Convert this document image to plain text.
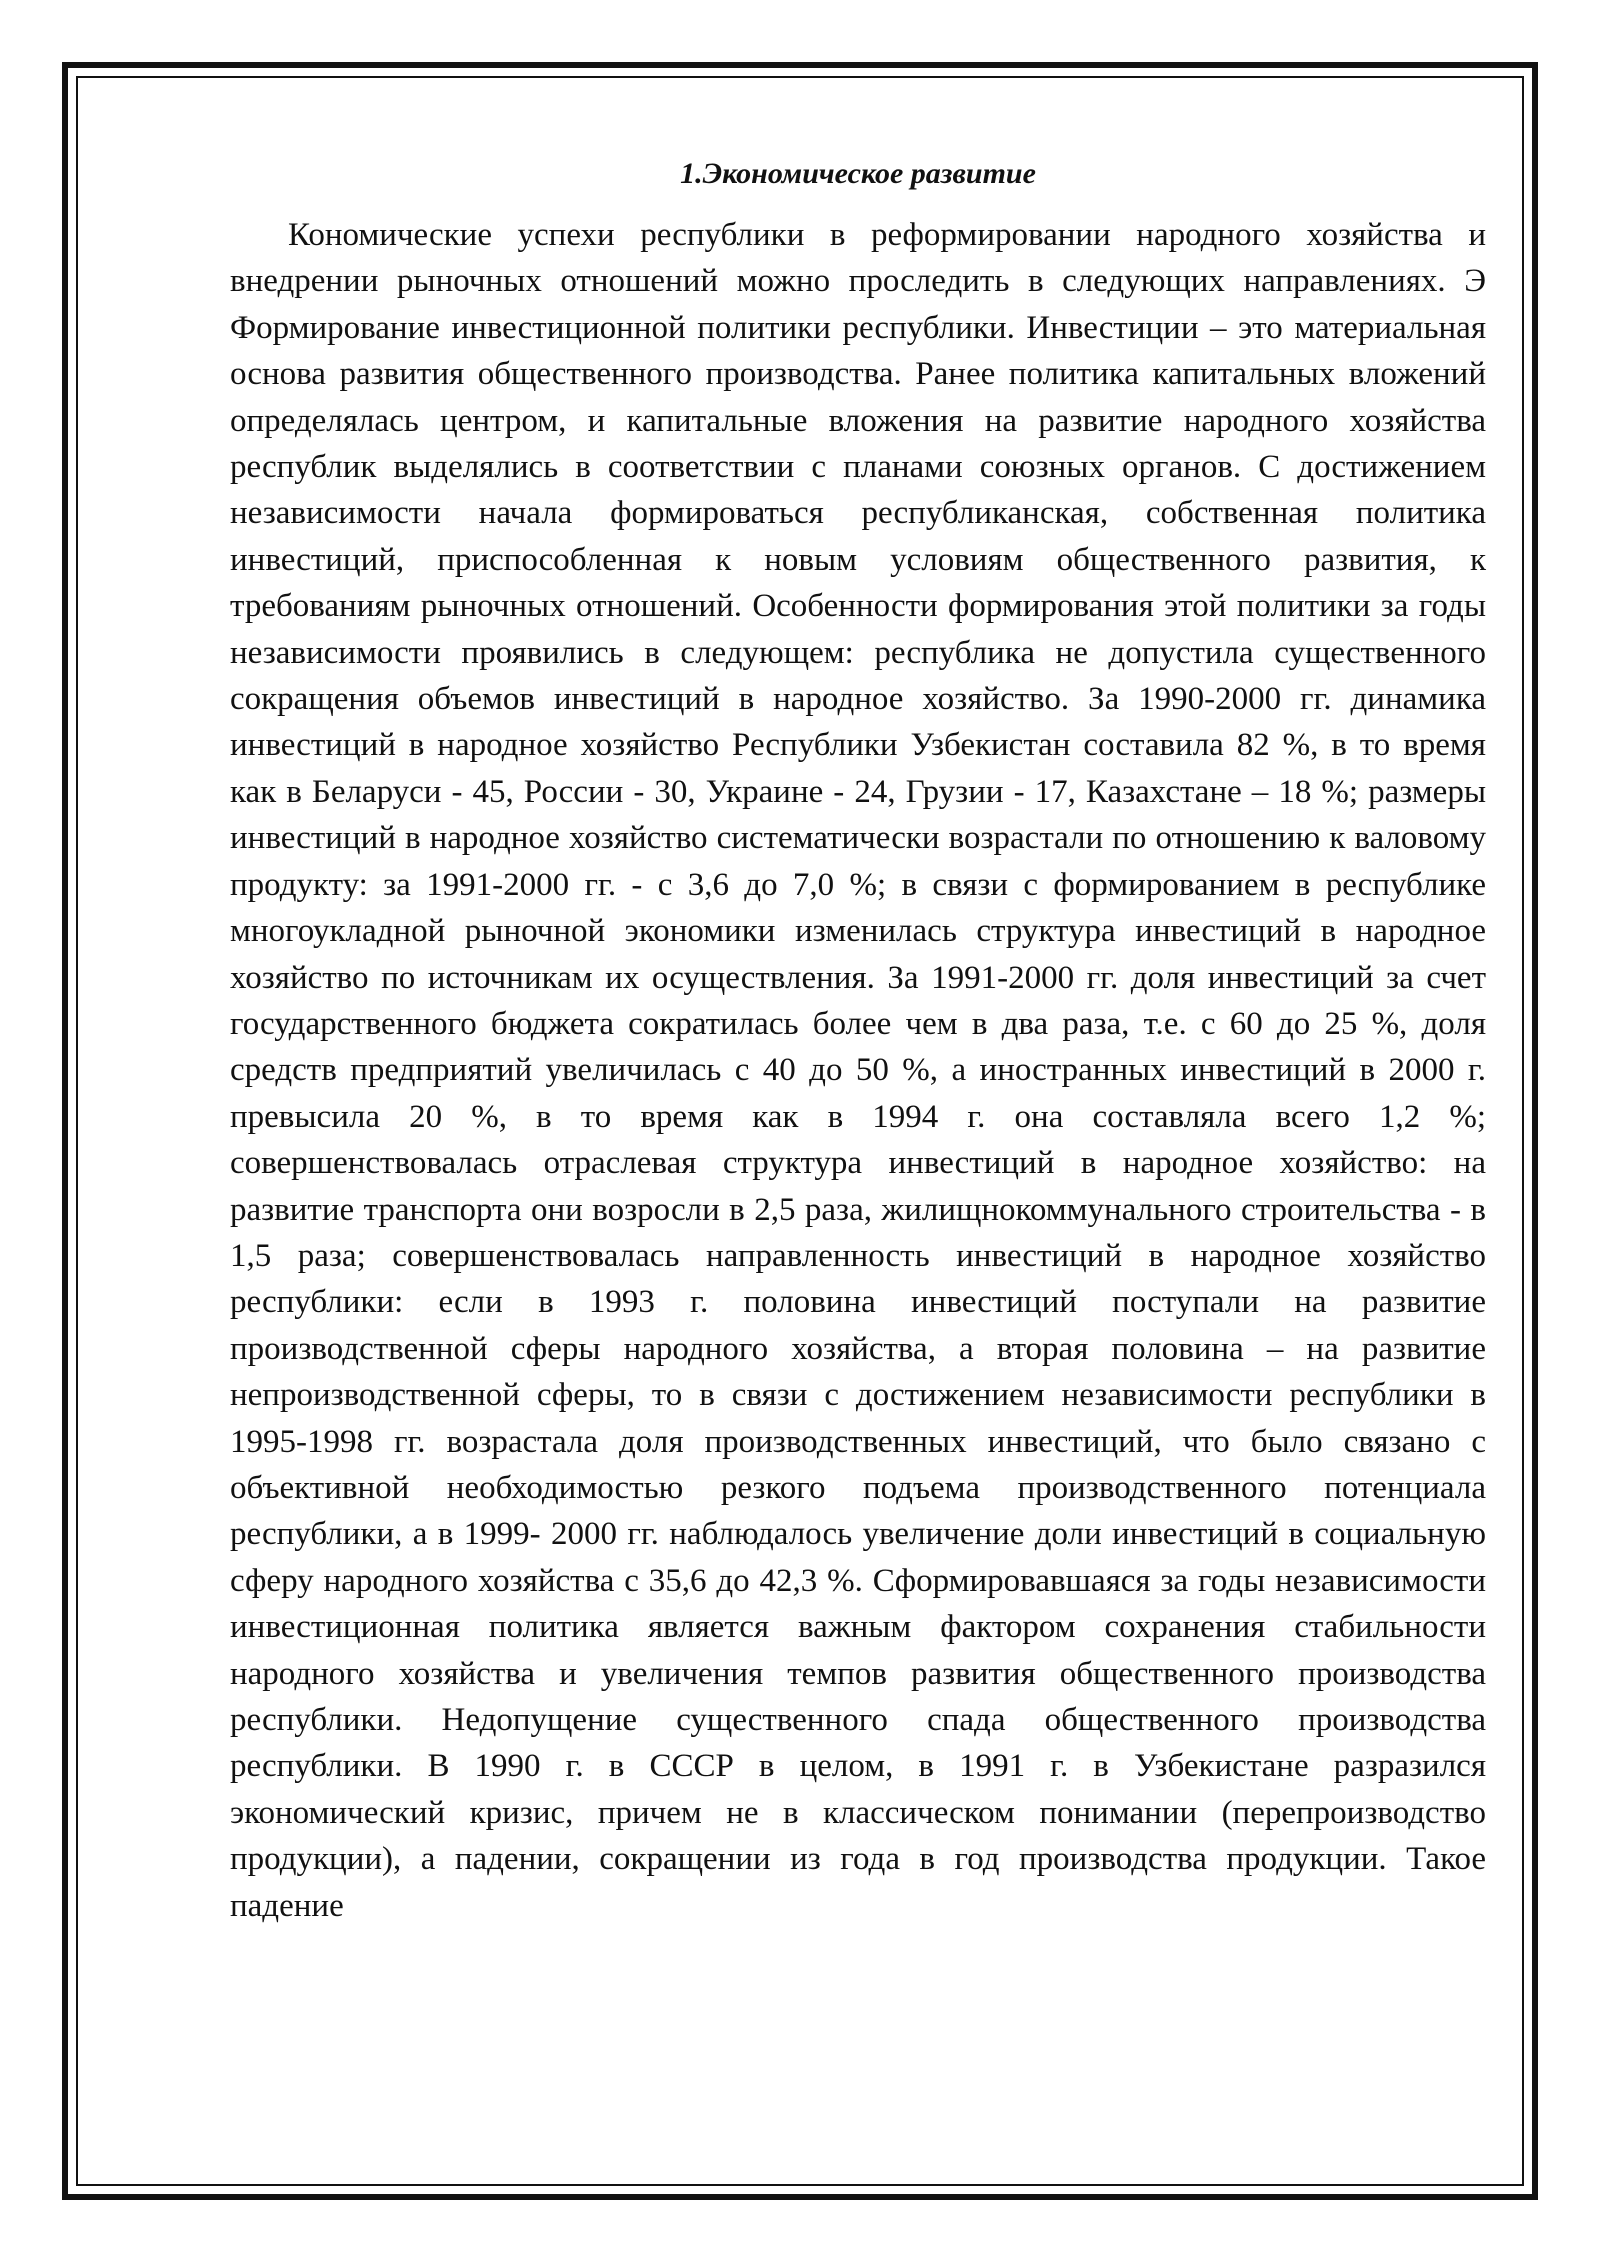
1.Экономическое развитие

Кономические успехи республики в реформировании народного хозяйства и внедрении рыночных отношений можно проследить в следующих направлениях. Э Формирование инвестиционной политики республики. Инвестиции – это материальная основа развития общественного производства. Ранее политика капитальных вложений определялась центром, и капитальные вложения на развитие народного хозяйства республик выделялись в соответствии с планами союзных органов. С достижением независимости начала формироваться республиканская, собственная политика инвестиций, приспособленная к новым условиям общественного развития, к требованиям рыночных отношений. Особенности формирования этой политики за годы независимости проявились в следующем: республика не допустила существенного сокращения объемов инвестиций в народное хозяйство. За 1990-2000 гг. динамика инвестиций в народное хозяйство Республики Узбекистан составила 82 %, в то время как в Беларуси - 45, России - 30, Украине - 24, Грузии - 17, Казахстане – 18 %; размеры инвестиций в народное хозяйство систематически возрастали по отношению к валовому продукту: за 1991-2000 гг. - с 3,6 до 7,0 %; в связи с формированием в республике многоукладной рыночной экономики изменилась структура инвестиций в народное хозяйство по источникам их осуществления. За 1991-2000 гг. доля инвестиций за счет государственного бюджета сократилась более чем в два раза, т.е. с 60 до 25 %, доля средств предприятий увеличилась с 40 до 50 %, а иностранных инвестиций в 2000 г. превысила 20 %, в то время как в 1994 г. она составляла всего 1,2 %; совершенствовалась отраслевая структура инвестиций в народное хозяйство: на развитие транспорта они возросли в 2,5 раза, жилищнокоммунального строительства - в 1,5 раза; совершенствовалась направленность инвестиций в народное хозяйство республики: если в 1993 г. половина инвестиций поступали на развитие производственной сферы народного хозяйства, а вторая половина – на развитие непроизводственной сферы, то в связи с достижением независимости республики в 1995-1998 гг. возрастала доля производственных инвестиций, что было связано с объективной необходимостью резкого подъема производственного потенциала республики, а в 1999- 2000 гг. наблюдалось увеличение доли инвестиций в социальную сферу народного хозяйства с 35,6 до 42,3 %. Сформировавшаяся за годы независимости инвестиционная политика является важным фактором сохранения стабильности народного хозяйства и увеличения темпов развития общественного производства республики. Недопущение существенного спада общественного производства республики. В 1990 г. в СССР в целом, в 1991 г. в Узбекистане разразился экономический кризис, причем не в классическом понимании (перепроизводство продукции), а падении, сокращении из года в год производства продукции. Такое падение
